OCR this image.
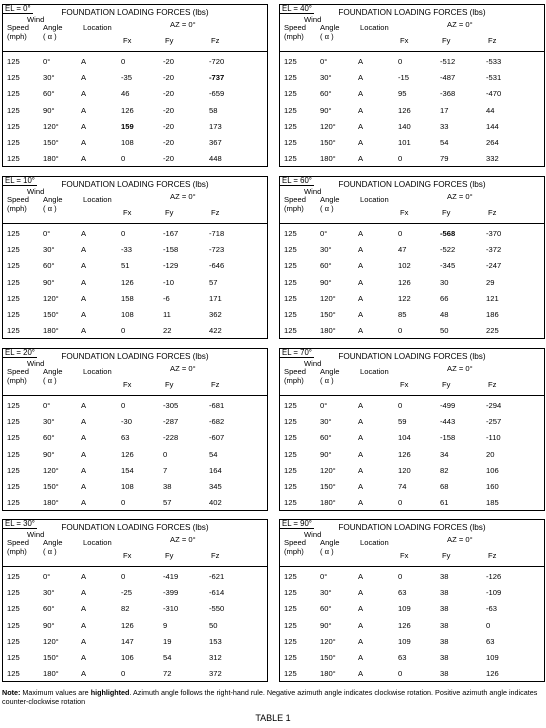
EL = 0°	FOUNDATION LOADING FORCES (lbs)
Wind
Speed
(mph)
Angle
( α )
Location	AZ = 0°
Fx	Fy	Fz
125	0°	A	0	-20	-720
125	30°	A	-35	-20	-737
125	60°	A	46	-20	-659
125	90°	A	126	-20	58
125	120°	A	159	-20	173
125	150°	A	108	-20	367
125	180°	A	0	-20	448
EL = 40°	FOUNDATION LOADING FORCES (lbs)
Wind
Speed
(mph)
Angle
( α )
Location	AZ = 0°
Fx	Fy	Fz
125	0°	A	0	-512	-533
125	30°	A	-15	-487	-531
125	60°	A	95	-368	-470
125	90°	A	126	17	44
125	120°	A	140	33	144
125	150°	A	101	54	264
125	180°	A	0	79	332
EL = 10°	FOUNDATION LOADING FORCES (lbs)
Wind
Speed
(mph)
Angle
( α )
Location	AZ = 0°
Fx	Fy	Fz
125	0°	A	0	-167	-718
125	30°	A	-33	-158	-723
125	60°	A	51	-129	-646
125	90°	A	126	-10	57
125	120°	A	158	-6	171
125	150°	A	108	11	362
125	180°	A	0	22	422
EL = 60°	FOUNDATION LOADING FORCES (lbs)
Wind
Speed
(mph)
Angle
( α )
Location	AZ = 0°
Fx	Fy	Fz
125	0°	A	0	-568	-370
125	30°	A	47	-522	-372
125	60°	A	102	-345	-247
125	90°	A	126	30	29
125	120°	A	122	66	121
125	150°	A	85	48	186
125	180°	A	0	50	225
EL = 20°	FOUNDATION LOADING FORCES (lbs)
Wind
Speed
(mph)
Angle
( α )
Location	AZ = 0°
Fx	Fy	Fz
125	0°	A	0	-305	-681
125	30°	A	-30	-287	-682
125	60°	A	63	-228	-607
125	90°	A	126	0	54
125	120°	A	154	7	164
125	150°	A	108	38	345
125	180°	A	0	57	402
EL = 70°	FOUNDATION LOADING FORCES (lbs)
Wind
Speed
(mph)
Angle
( α )
Location	AZ = 0°
Fx	Fy	Fz
125	0°	A	0	-499	-294
125	30°	A	59	-443	-257
125	60°	A	104	-158	-110
125	90°	A	126	34	20
125	120°	A	120	82	106
125	150°	A	74	68	160
125	180°	A	0	61	185
EL = 30°	FOUNDATION LOADING FORCES (lbs)
Wind
Speed
(mph)
Angle
( α )
Location	AZ = 0°
Fx	Fy	Fz
125	0°	A	0	-419	-621
125	30°	A	-25	-399	-614
125	60°	A	82	-310	-550
125	90°	A	126	9	50
125	120°	A	147	19	153
125	150°	A	106	54	312
125	180°	A	0	72	372
EL = 90°	FOUNDATION LOADING FORCES (lbs)
Wind
Speed
(mph)
Angle
( α )
Location	AZ = 0°
Fx	Fy	Fz
125	0°	A	0	38	-126
125	30°	A	63	38	-109
125	60°	A	109	38	-63
125	90°	A	126	38	0
125	120°	A	109	38	63
125	150°	A	63	38	109
125	180°	A	0	38	126
Note: Maximum values are highlighted. Azimuth angle follows the right-hand rule. Negative azimuth angle indicates clockwise rotation. Positive azimuth angle indicates counter-clockwise rotation
TABLE 1
